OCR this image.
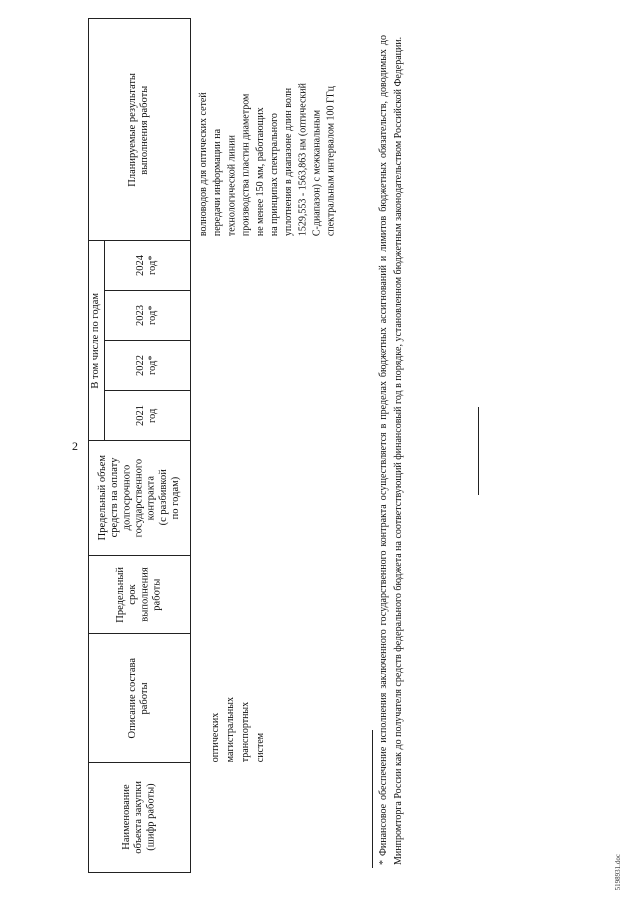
2
Наименование
объекта закупки
(шифр работы)
Описание состава
работы
Предельный
срок
выполнения
работы
Предельный объем
средств на оплату
долгосрочного
государственного
контракта
(с разбивкой
по годам)
В том числе по годам
2021
год
2022
год*
2023
год*
2024
год*
Планируемые результаты
выполнения работы
оптических
магистральных
транспортных
систем
волноводов для оптических сетей
передачи информации на
технологической линии
производства пластин диаметром
не менее 150 мм, работающих
на принципах спектрального
уплотнения в диапазоне длин волн
1529,553 - 1563,863 нм (оптический
C-диапазон) с межканальным
спектральным интервалом 100 ГГц	* Финансовое обеспечение исполнения заключенного государственного контракта осуществляется в пределах бюджетных ассигнований и лимитов бюджетных обязательств, доводимых до Минпромторга России как до получателя средств федерального бюджета на соответствующий финансовый год в порядке, установленном бюджетным законодательством Российской Федерации.
5198931.doc
